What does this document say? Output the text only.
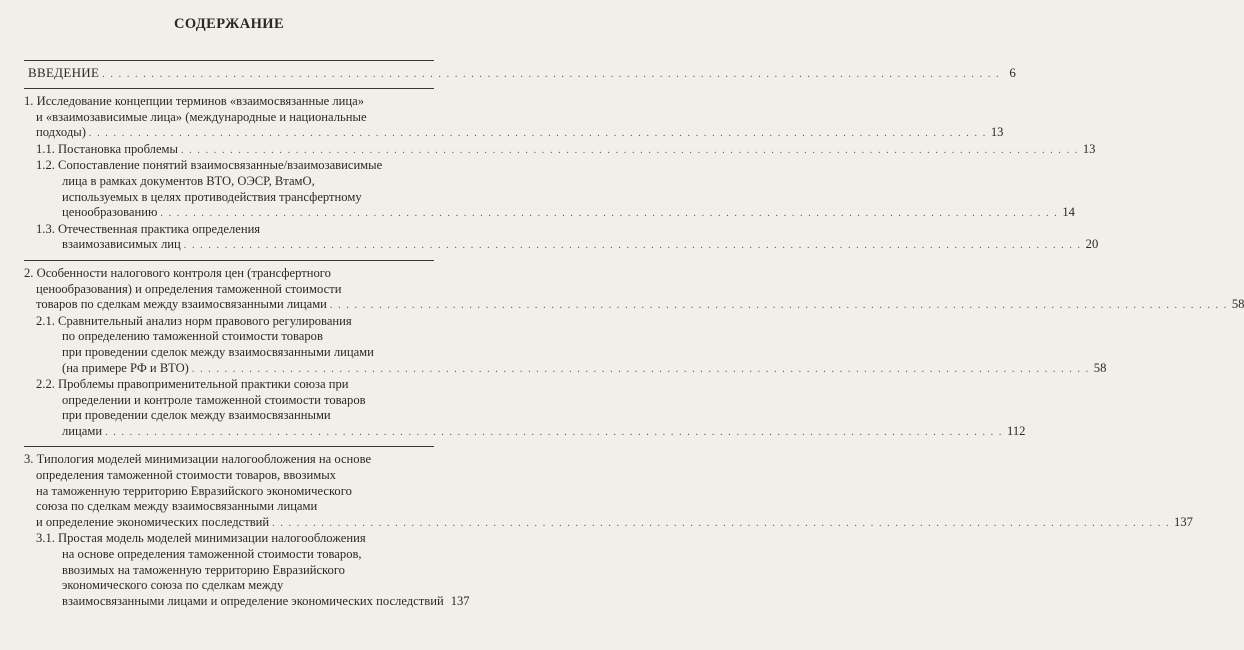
СОДЕРЖАНИЕ
ВВЕДЕНИЕ . . .	6
1. Исследование концепции терминов «взаимосвязанные лица»
и «взаимозависимые лица» (международные и национальные
подходы) . . .	13
1.1. Постановка проблемы . . .	13
1.2. Сопоставление понятий взаимосвязанные/взаимозависимые
лица в рамках документов ВТО, ОЭСР, ВтамО,
используемых в целях противодействия трансфертному
ценообразованию . . .	14
1.3. Отечественная практика определения
взаимозависимых лиц . . .	20
2. Особенности налогового контроля цен (трансфертного
ценообразования) и определения таможенной стоимости
товаров по сделкам между взаимосвязанными лицами . . .	58
2.1. Сравнительный анализ норм правового регулирования
по определению таможенной стоимости товаров
при проведении сделок между взаимосвязанными лицами
(на примере РФ и ВТО) . . .	58
2.2. Проблемы правоприменительной практики союза при
определении и контроле таможенной стоимости товаров
при проведении сделок между взаимосвязанными
лицами . . .	112
3. Типология моделей минимизации налогообложения на основе
определения таможенной стоимости товаров, ввозимых
на таможенную территорию Евразийского экономического
союза по сделкам между взаимосвязанными лицами
и определение экономических последствий . . .	137
3.1. Простая модель моделей минимизации налогообложения
на основе определения таможенной стоимости товаров,
ввозимых на таможенную территорию Евразийского
экономического союза по сделкам между
взаимосвязанными лицами и определение экономических последствий 137
